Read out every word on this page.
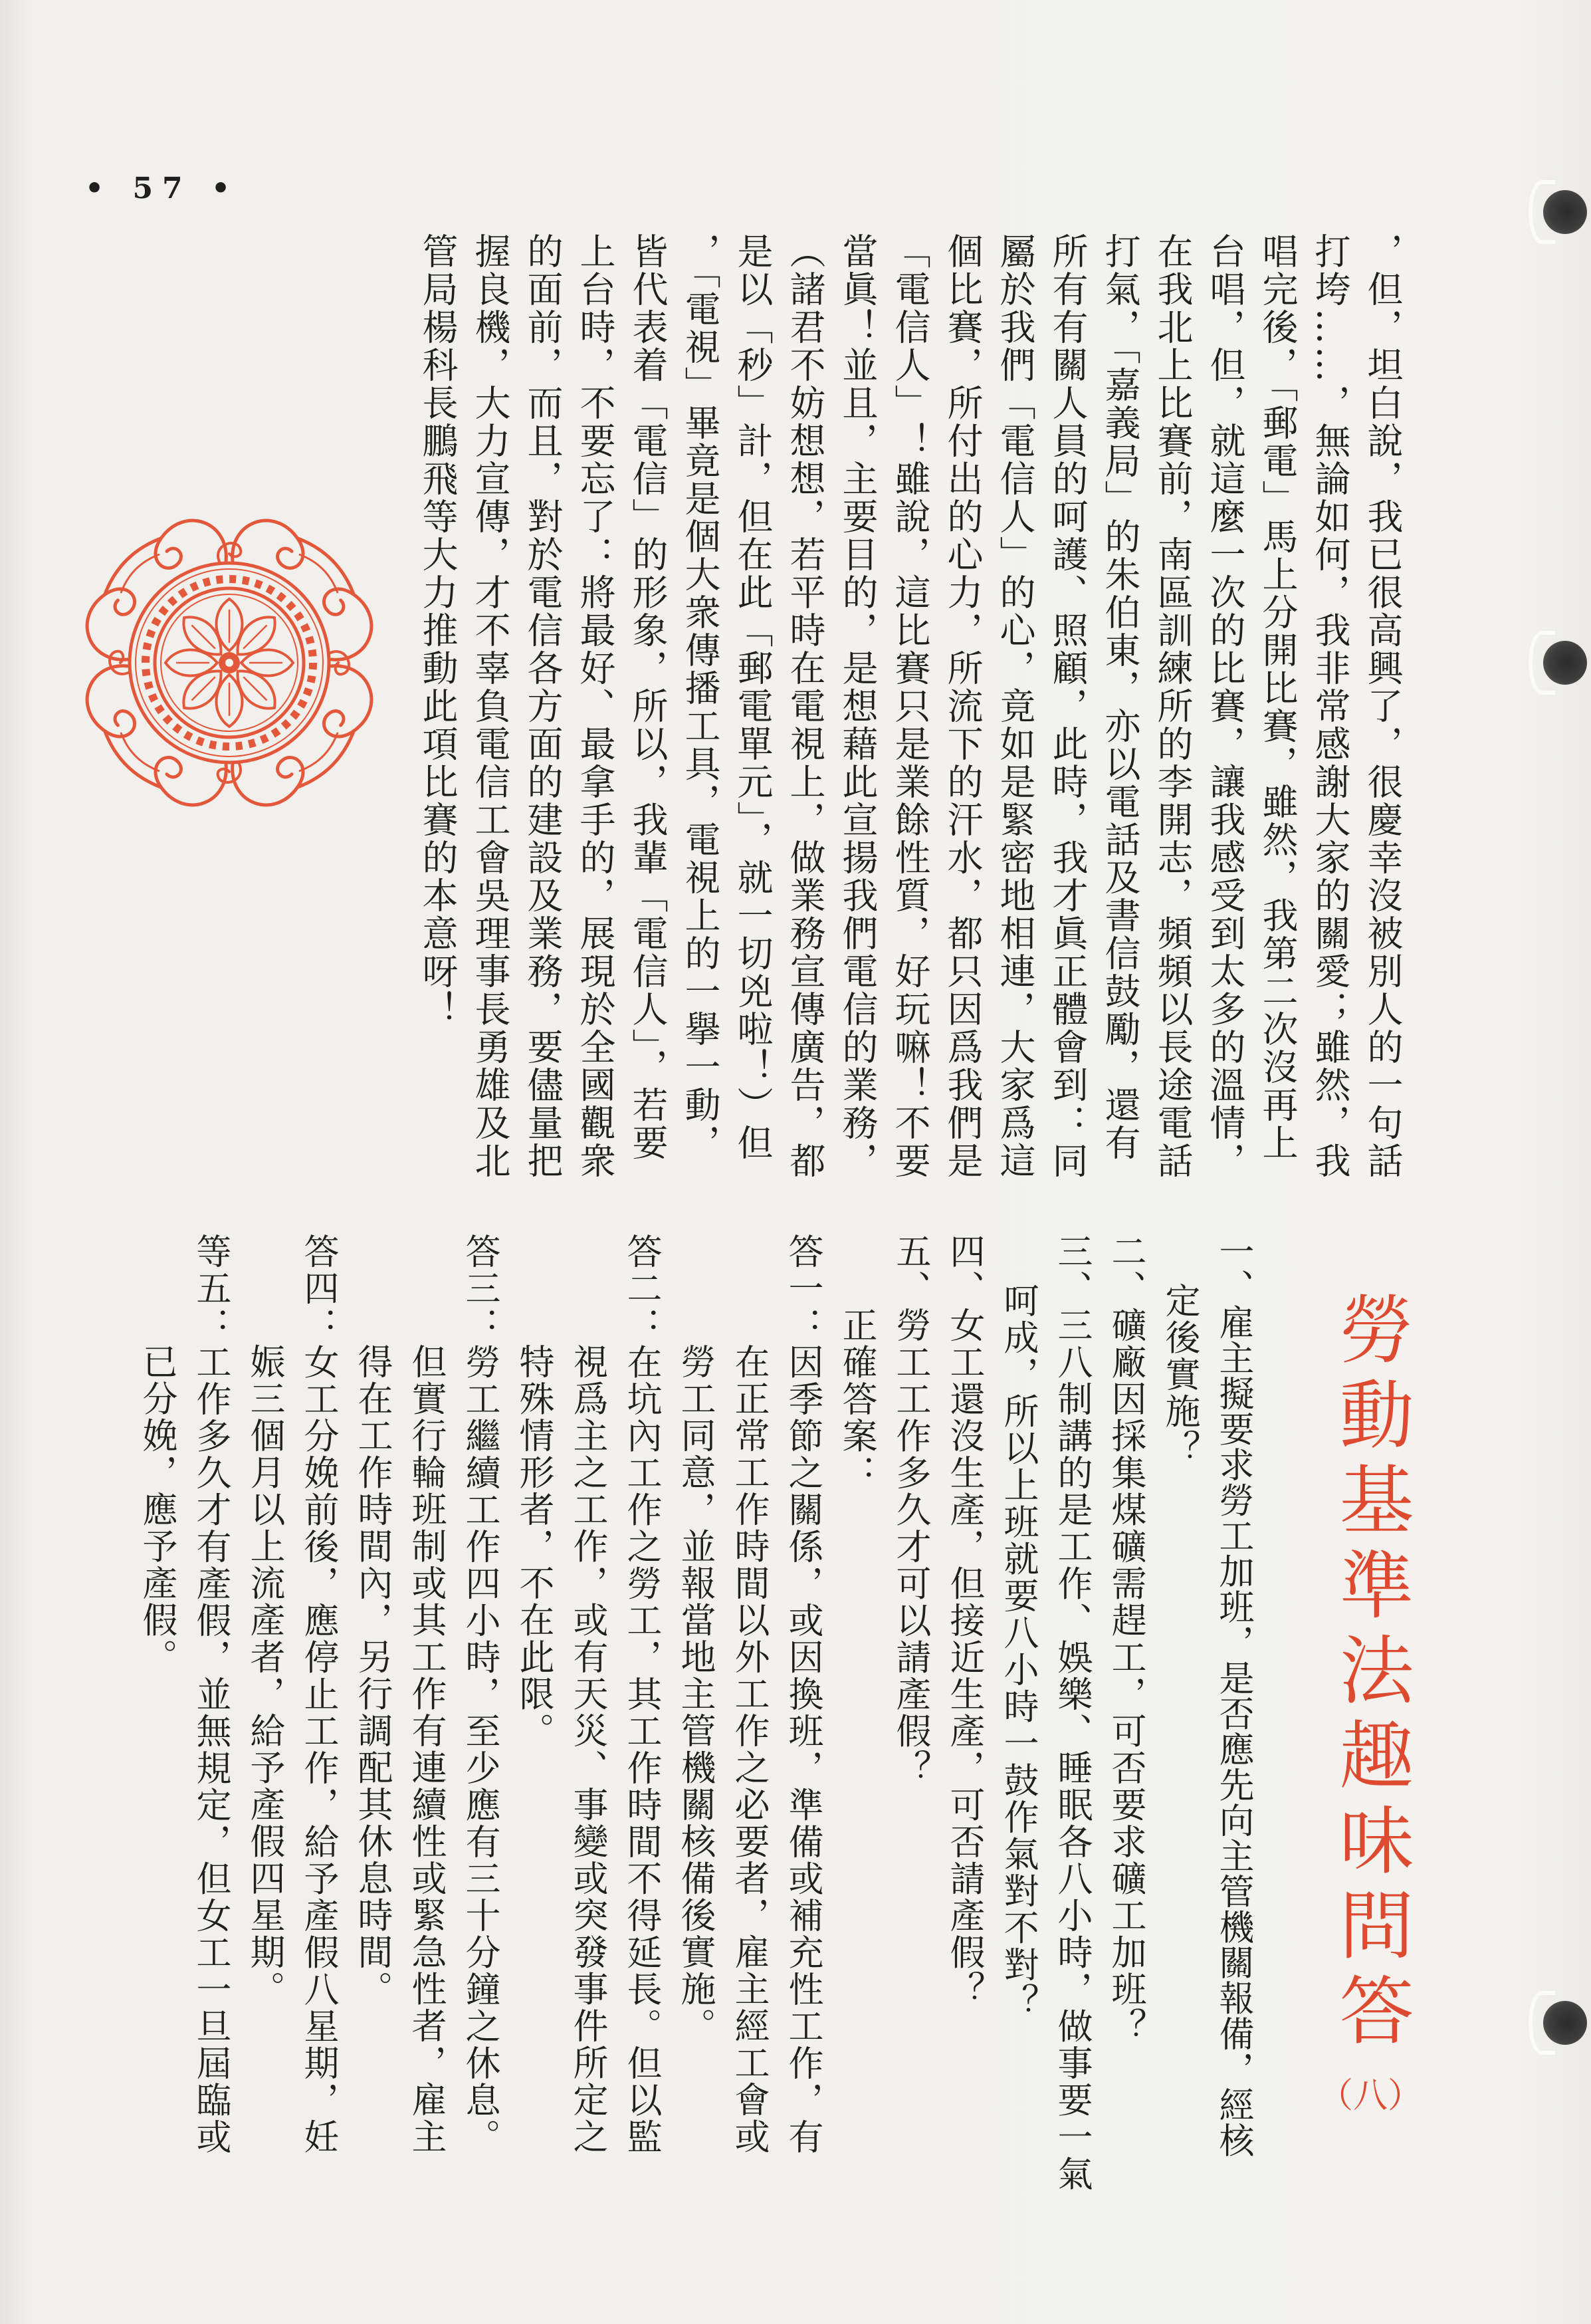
• 57 •
，但，坦白說，我已很高興了，很慶幸沒被別人的一句話
打垮……，無論如何，我非常感謝大家的關愛；雖然，我
唱完後，「郵電」馬上分開比賽，雖然，我第二次沒再上
台唱，但，就這麼一次的比賽，讓我感受到太多的溫情，
在我北上比賽前，南區訓練所的李開志，頻頻以長途電話
打氣，「嘉義局」的朱伯東，亦以電話及書信鼓勵，還有
所有有關人員的呵護、照顧，此時，我才眞正體會到：同
屬於我們「電信人」的心，竟如是緊密地相連，大家爲這
個比賽，所付出的心力，所流下的汗水，都只因爲我們是
「電信人」！雖說，這比賽只是業餘性質，好玩嘛！不要
當眞！並且，主要目的，是想藉此宣揚我們電信的業務，
（諸君不妨想想，若平時在電視上，做業務宣傳廣告，都
是以「秒」計，但在此「郵電單元」，就一切兇啦！）但
，「電視」畢竟是個大衆傳播工具，電視上的一擧一動，
皆代表着「電信」的形象，所以，我輩「電信人」，若要
上台時，不要忘了：將最好、最拿手的，展現於全國觀衆
的面前，而且，對於電信各方面的建設及業務，要儘量把
握良機，大力宣傳，才不辜負電信工會吳理事長勇雄及北
管局楊科長鵬飛等大力推動此項比賽的本意呀！
勞動基準法趣味問答
（八）
一、雇主擬要求勞工加班，是否應先向主管機關報備，經核
定後實施？
二、礦廠因採集煤礦需趕工，可否要求礦工加班？
三、三八制講的是工作、娛樂、睡眠各八小時，做事要一氣
呵成，所以上班就要八小時一鼓作氣對不對？
四、女工還沒生產，但接近生產，可否請產假？
五、勞工工作多久才可以請產假？
正確答案：
答一：因季節之關係，或因換班，準備或補充性工作，有
在正常工作時間以外工作之必要者，雇主經工會或
勞工同意，並報當地主管機關核備後實施。
答二：在坑內工作之勞工，其工作時間不得延長。但以監
視爲主之工作，或有天災、事變或突發事件所定之
特殊情形者，不在此限。
答三：勞工繼續工作四小時，至少應有三十分鐘之休息。
但實行輪班制或其工作有連續性或緊急性者，雇主
得在工作時間內，另行調配其休息時間。
答四：女工分娩前後，應停止工作，給予產假八星期，妊
娠三個月以上流產者，給予產假四星期。
等五：工作多久才有產假，並無規定，但女工一旦屆臨或
已分娩，應予產假。
